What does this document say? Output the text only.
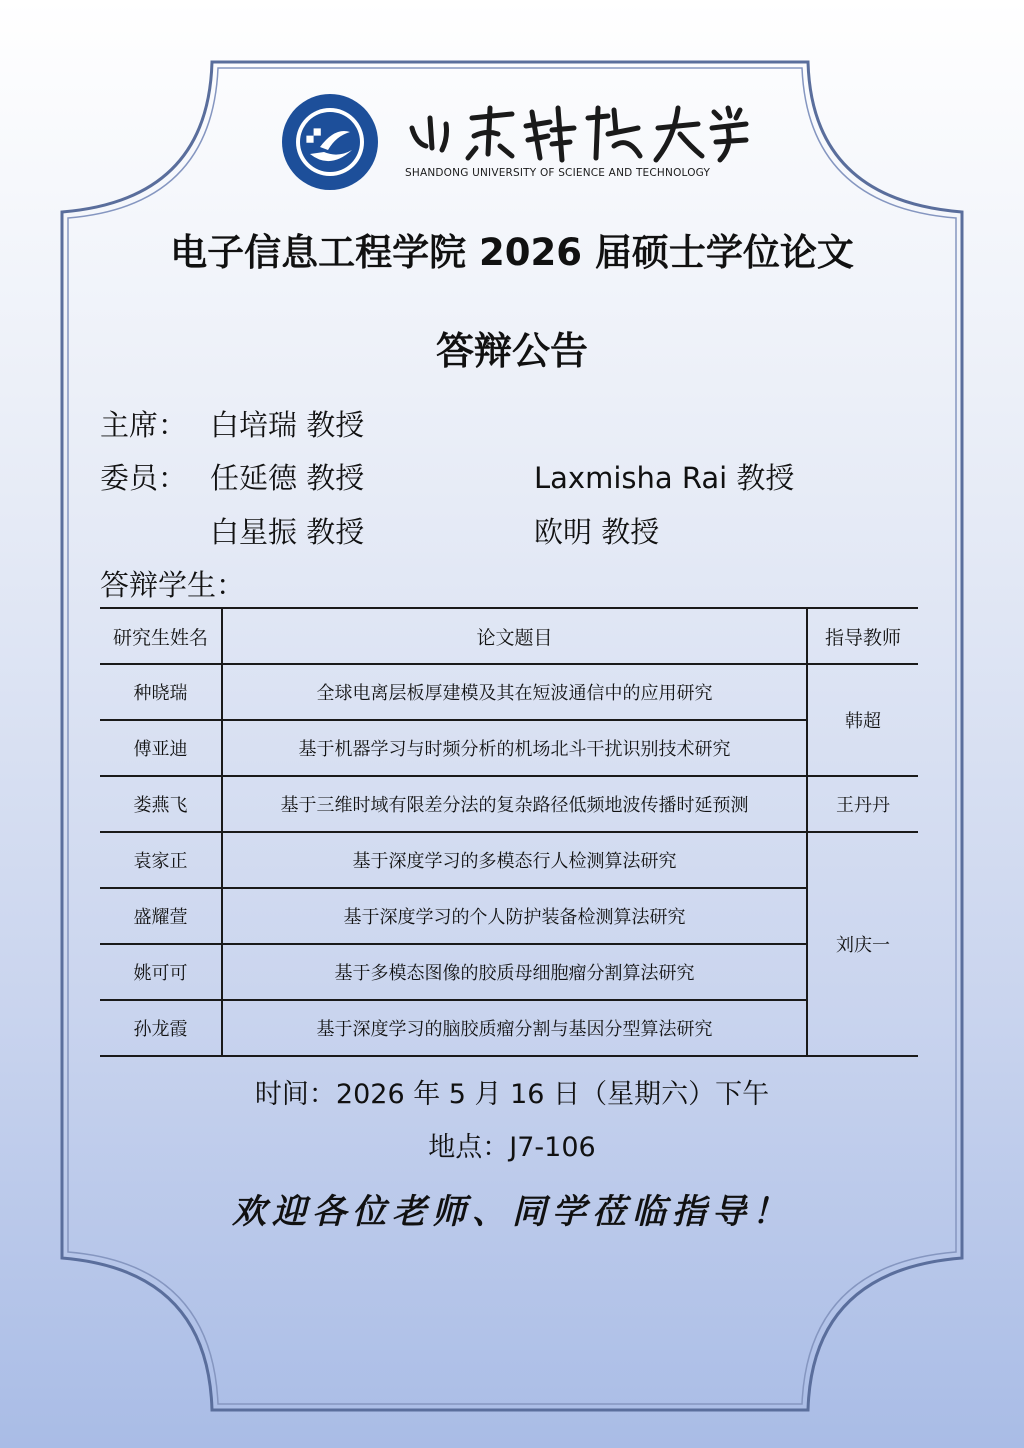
SHANDONG UNIVERSITY OF SCIENCE AND TECHNOLOGY
电子信息工程学院 2026 届硕士学位论文
答辩公告
主席： 白培瑞 教授
委员： 任延德 教授	Laxmisha Rai 教授
白星振 教授	欧明 教授
答辩学生：
研究生姓名	论文题目	指导教师
种晓瑞	全球电离层板厚建模及其在短波通信中的应用研究	韩超
傅亚迪	基于机器学习与时频分析的机场北斗干扰识别技术研究	
娄燕飞	基于三维时域有限差分法的复杂路径低频地波传播时延预测	王丹丹
袁家正	基于深度学习的多模态行人检测算法研究	刘庆一
盛耀萱	基于深度学习的个人防护装备检测算法研究	
姚可可	基于多模态图像的胶质母细胞瘤分割算法研究	
孙龙霞	基于深度学习的脑胶质瘤分割与基因分型算法研究	
时间：2026 年 5 月 16 日（星期六）下午
地点：J7-106
欢迎各位老师、同学莅临指导！
